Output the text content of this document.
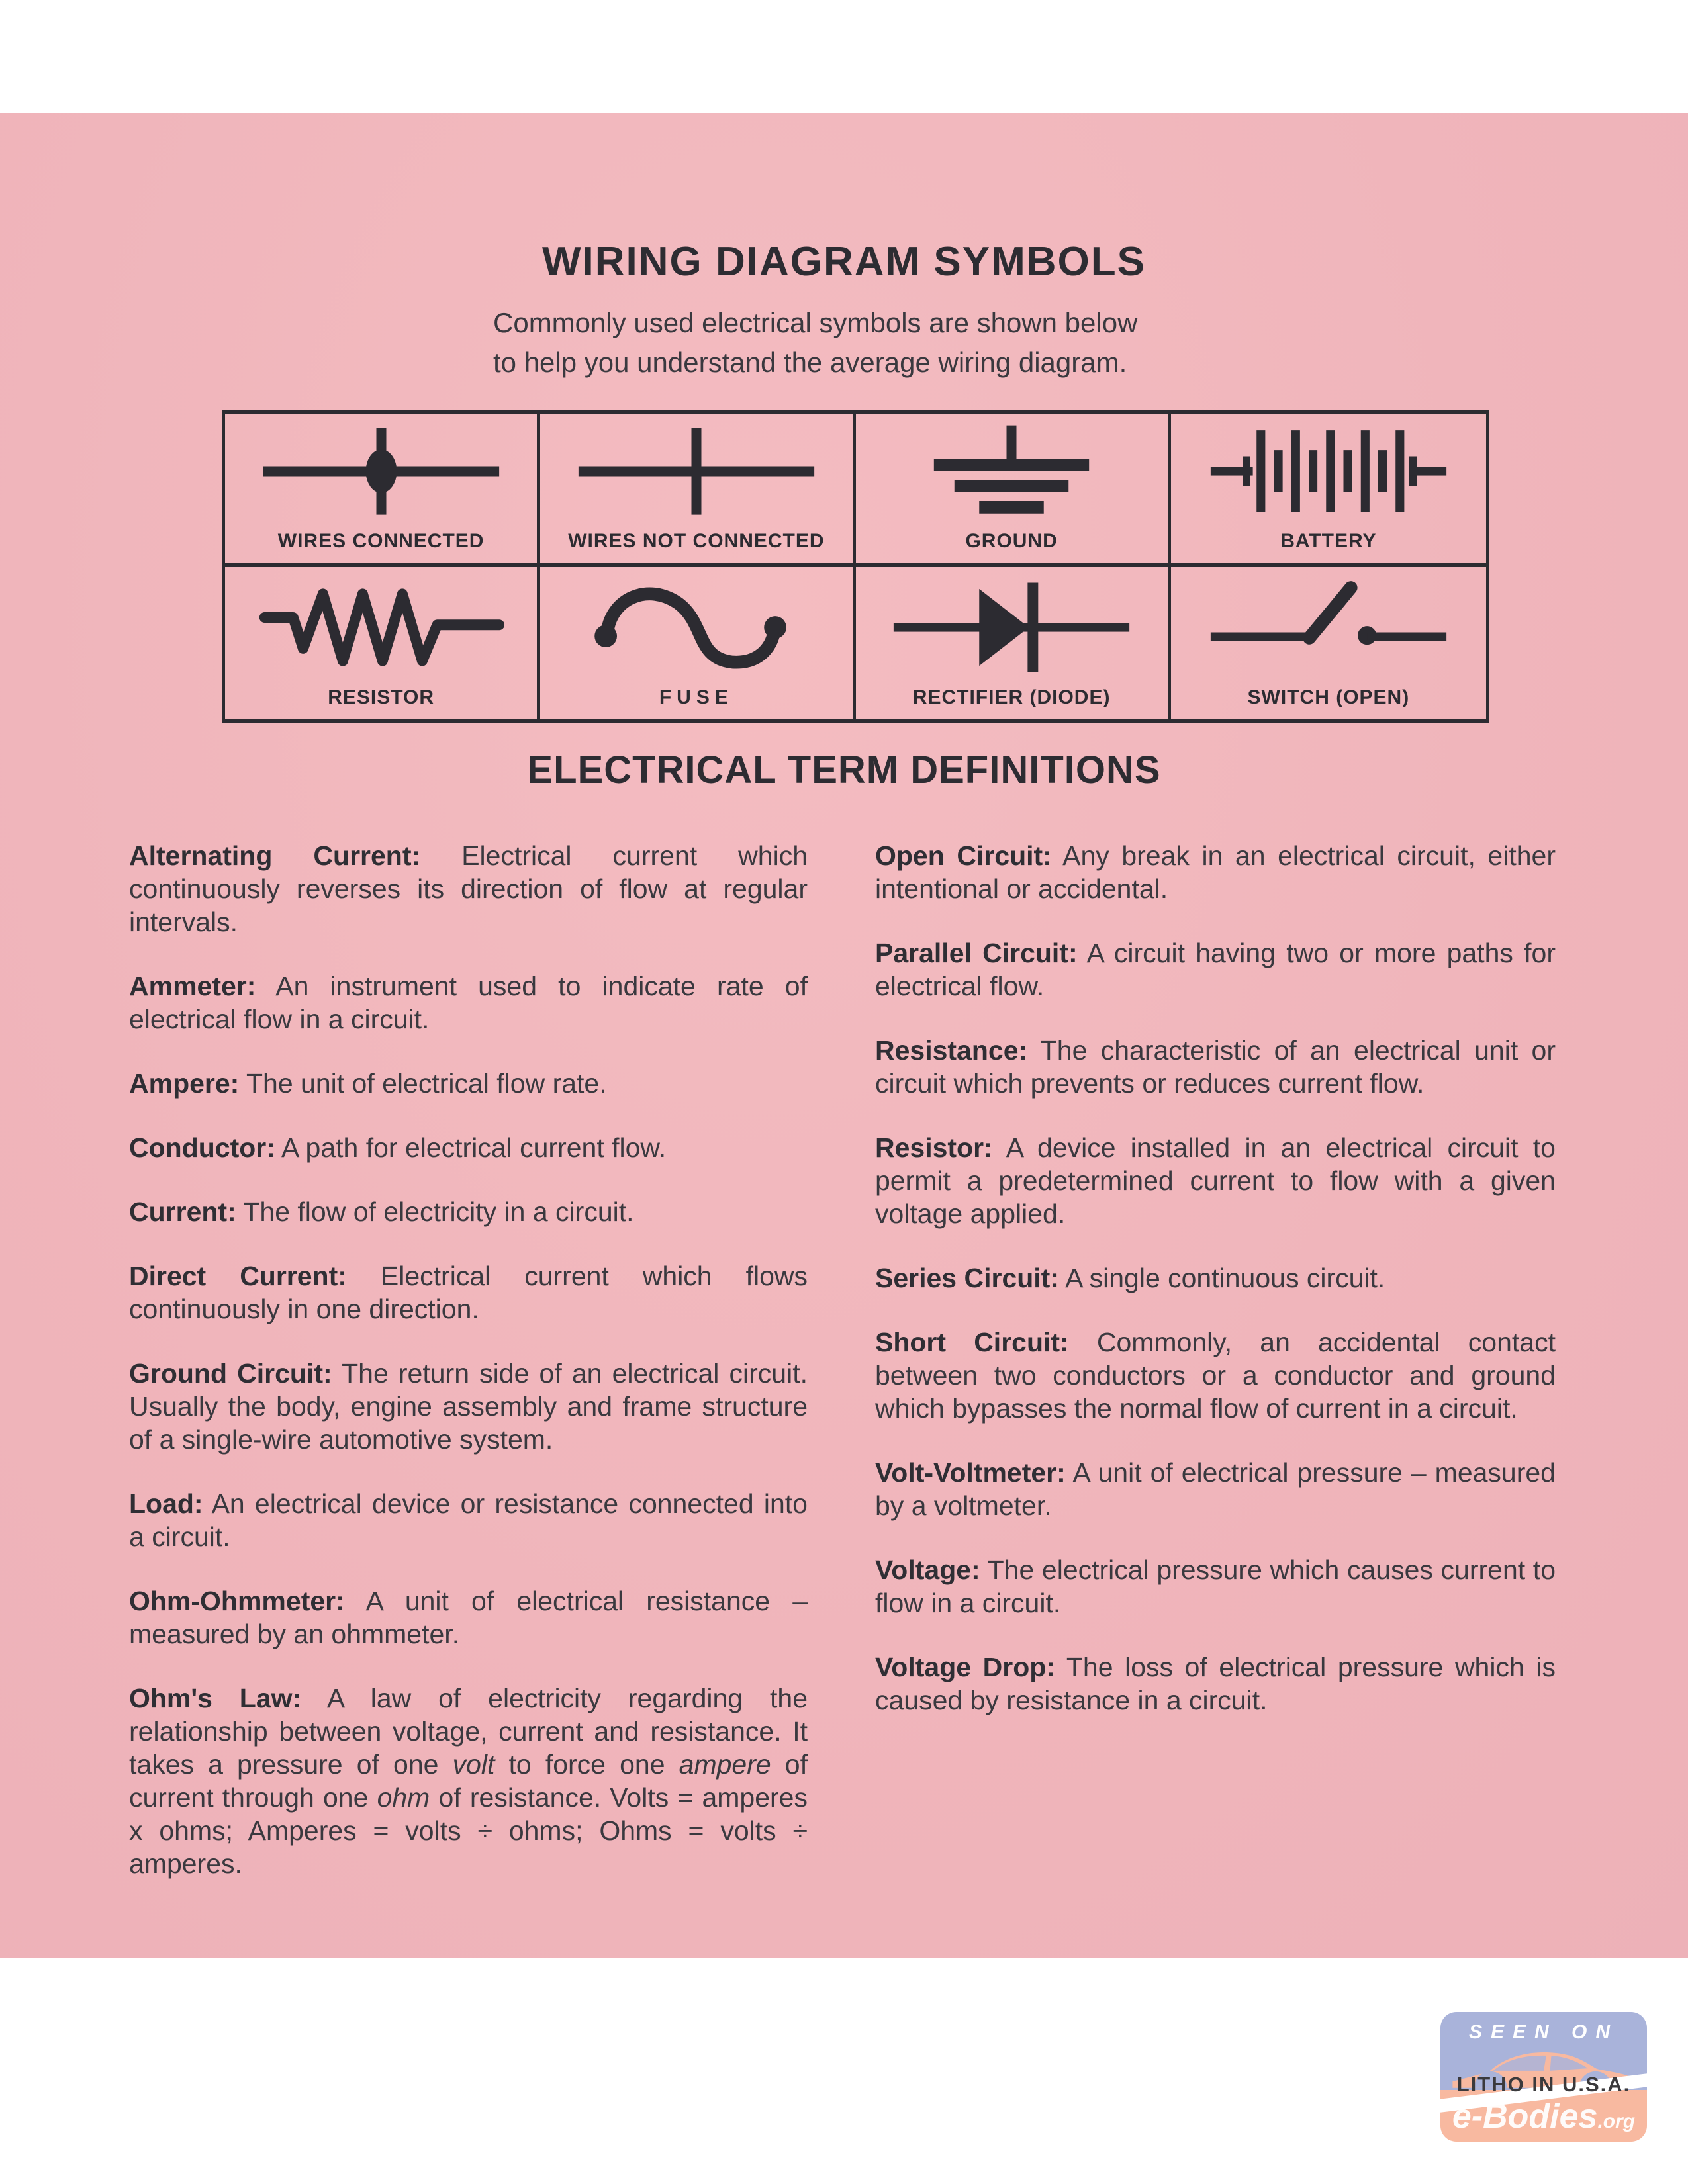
WIRING DIAGRAM SYMBOLS
Commonly used electrical symbols are shown below
to help you understand the average wiring diagram.
WIRES CONNECTED	WIRES NOT CONNECTED	GROUND	BATTERY
RESISTOR	FUSE	RECTIFIER (DIODE)	SWITCH (OPEN)
ELECTRICAL TERM DEFINITIONS

Alternating Current: Electrical current which continuously reverses its direction of flow at regular intervals.

Ammeter: An instrument used to indicate rate of electrical flow in a circuit.

Ampere: The unit of electrical flow rate.

Conductor: A path for electrical current flow.

Current: The flow of electricity in a circuit.

Direct Current: Electrical current which flows continuously in one direction.

Ground Circuit: The return side of an electrical circuit. Usually the body, engine assembly and frame structure of a single-wire automotive system.

Load: An electrical device or resistance connected into a circuit.

Ohm-Ohmmeter: A unit of electrical resistance – measured by an ohmmeter.

Ohm's Law: A law of electricity regarding the relationship between voltage, current and resistance. It takes a pressure of one volt to force one ampere of current through one ohm of resistance. Volts = amperes x ohms; Amperes = volts ÷ ohms; Ohms = volts ÷ amperes.

Open Circuit: Any break in an electrical circuit, either intentional or accidental.

Parallel Circuit: A circuit having two or more paths for electrical flow.

Resistance: The characteristic of an electrical unit or circuit which prevents or reduces current flow.

Resistor: A device installed in an electrical circuit to permit a predetermined current to flow with a given voltage applied.

Series Circuit: A single continuous circuit.

Short Circuit: Commonly, an accidental contact between two conductors or a conductor and ground which bypasses the normal flow of current in a circuit.

Volt-Voltmeter: A unit of electrical pressure – measured by a voltmeter.

Voltage: The electrical pressure which causes current to flow in a circuit.

Voltage Drop: The loss of electrical pressure which is caused by resistance in a circuit.

SEEN ON
e-Bodies.org
LITHO IN U.S.A.
